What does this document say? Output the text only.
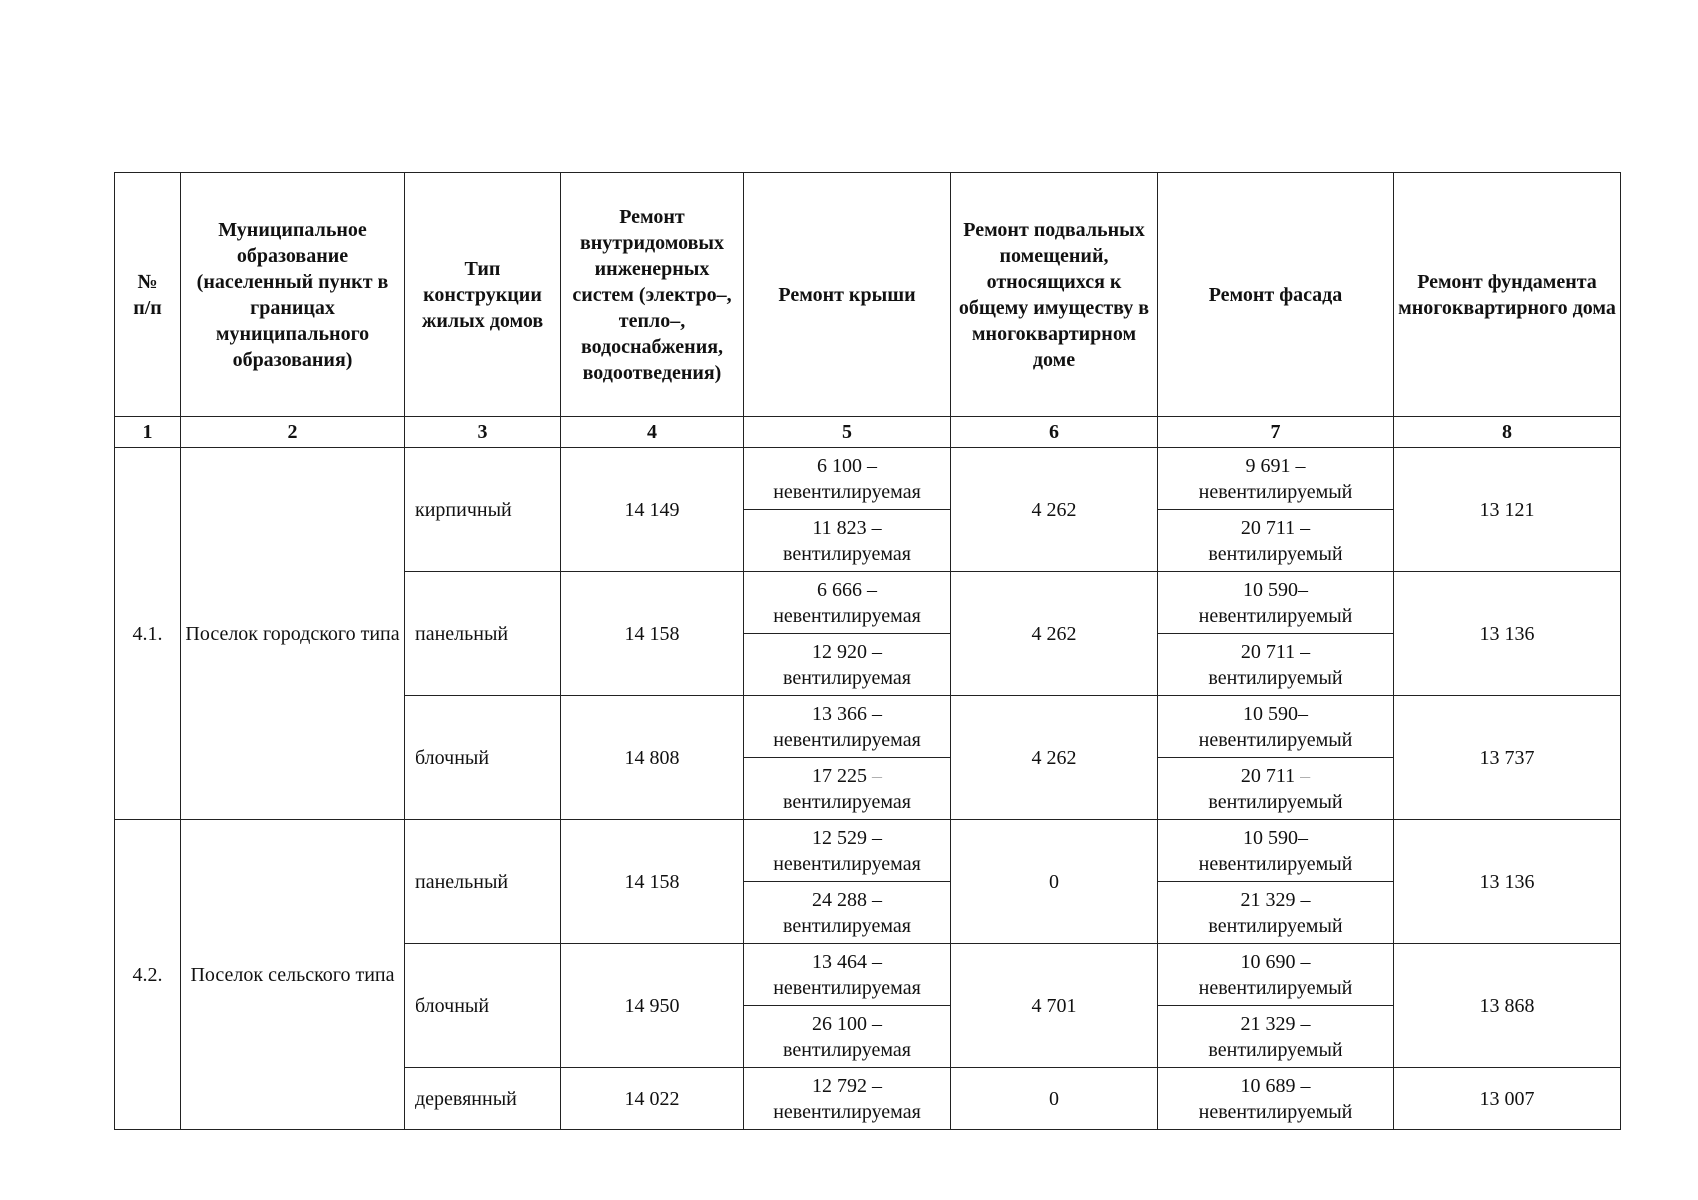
№
п/п	Муниципальное образование (населенный пункт в границах муниципального образования)	Тип конструкции жилых домов	Ремонт внутридомовых инженерных систем (электро–, тепло–, водоснабжения, водоотведения)	Ремонт крыши	Ремонт подвальных помещений, относящихся к общему имуществу в многоквартирном доме	Ремонт фасада	Ремонт фундамента многоквартирного дома
1	2	3	4	5	6	7	8
4.1.	Поселок городского типа	кирпичный	14 149	6 100 –
невентилируемая	4 262	9 691 –
невентилируемый	13 121
				11 823 –
вентилируемая		20 711 –
вентилируемый	
		панельный	14 158	6 666 –
невентилируемая	4 262	10 590–
невентилируемый	13 136
				12 920 –
вентилируемая		20 711 –
вентилируемый	
		блочный	14 808	13 366 –
невентилируемая	4 262	10 590–
невентилируемый	13 737
				17 225 –
вентилируемая		20 711 –
вентилируемый	
4.2.	Поселок сельского типа	панельный	14 158	12 529 –
невентилируемая	0	10 590–
невентилируемый	13 136
				24 288 –
вентилируемая		21 329 –
вентилируемый	
		блочный	14 950	13 464 –
невентилируемая	4 701	10 690 –
невентилируемый	13 868
				26 100 –
вентилируемая		21 329 –
вентилируемый	
		деревянный	14 022	12 792 –
невентилируемая	0	10 689 –
невентилируемый	13 007
